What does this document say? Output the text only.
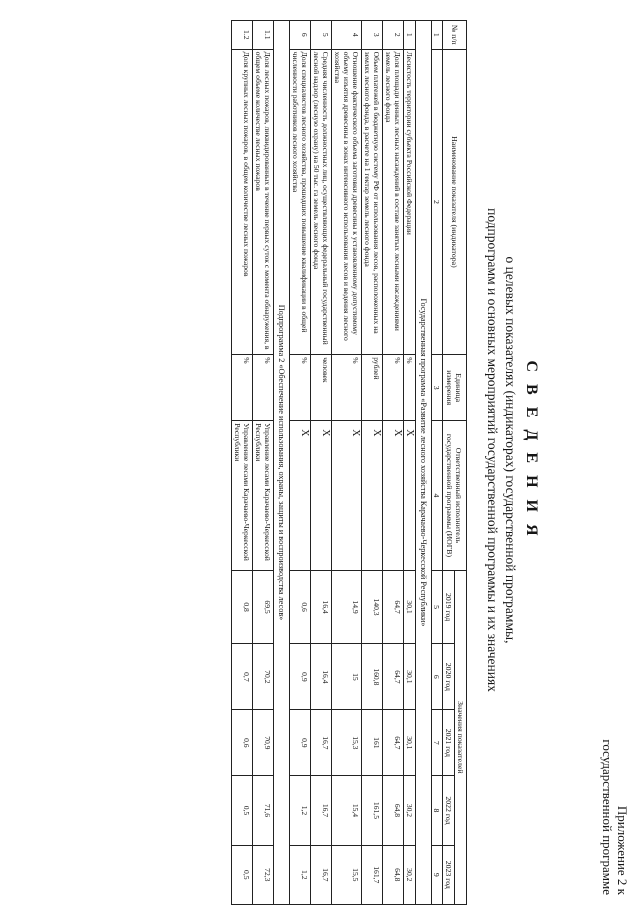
Приложение 2 к
государственной программе
С В Е Д Е Н И Я
о целевых показателях (индикаторах) государственной программы,
подпрограмм и основных мероприятий государственной программы и их значениях
№ п/п	Наименование показателя (индикатора)	Единица измерения	Ответственный исполнитель государственной программы (ИОГВ)	Значения показателей				
				2019 год	2020 год	2021 год	2022 год	2023 год
1	2	3	4	5	6	7	8	9
Государственная программа «Развитие лесного хозяйства Карачаево-Черкесской Республики»								
1	Лесистость территории субъекта Российской Федерации	%	Х	30,1	30,1	30,1	30,2	30,2
2	Доля площади ценных лесных насаждений в составе занятых лесными насаждениями земель лесного фонда	%	Х	64,7	64,7	64,7	64,8	64,8
3	Объем платежей в бюджетную систему РФ от использования лесов, расположенных на землях лесного фонда, в расчете на 1 гектар земель лесного фонда	рублей	Х	140,3	160,8	161	161,5	161,7
4	Отношение фактического объема заготовки древесины к установленному допустимому объему изъятия древесины в зонах интенсивного использования лесов и ведения лесного хозяйства	%	Х	14,9	15	15,3	15,4	15,5
5	Средняя численность должностных лиц, осуществляющих федеральный государственный лесной надзор (лесную охрану) на 50 тыс. га земель лесного фонда	человек	Х	16,4	16,4	16,7	16,7	16,7
6	Доля специалистов лесного хозяйства, прошедших повышение квалификации в общей численности работников лесного хозяйства	%	Х	0,6	0,9	0,9	1,2	1,2
Подпрограмма 2 «Обеспечение использования, охраны, защиты и воспроизводства лесов»								
1.1	Доля лесных пожаров, ликвидированных в течение первых суток с момента обнаружения, в общем объеме количестве лесных пожаров	%	Управление лесами Карачаево-Черкесской Республики	69,5	70,2	70,9	71,6	72,3
1.2	Доля крупных лесных пожаров, в общем количестве лесных пожаров	%	Управление лесами Карачаево-Черкесской Республики	0,8	0,7	0,6	0,5	0,5
